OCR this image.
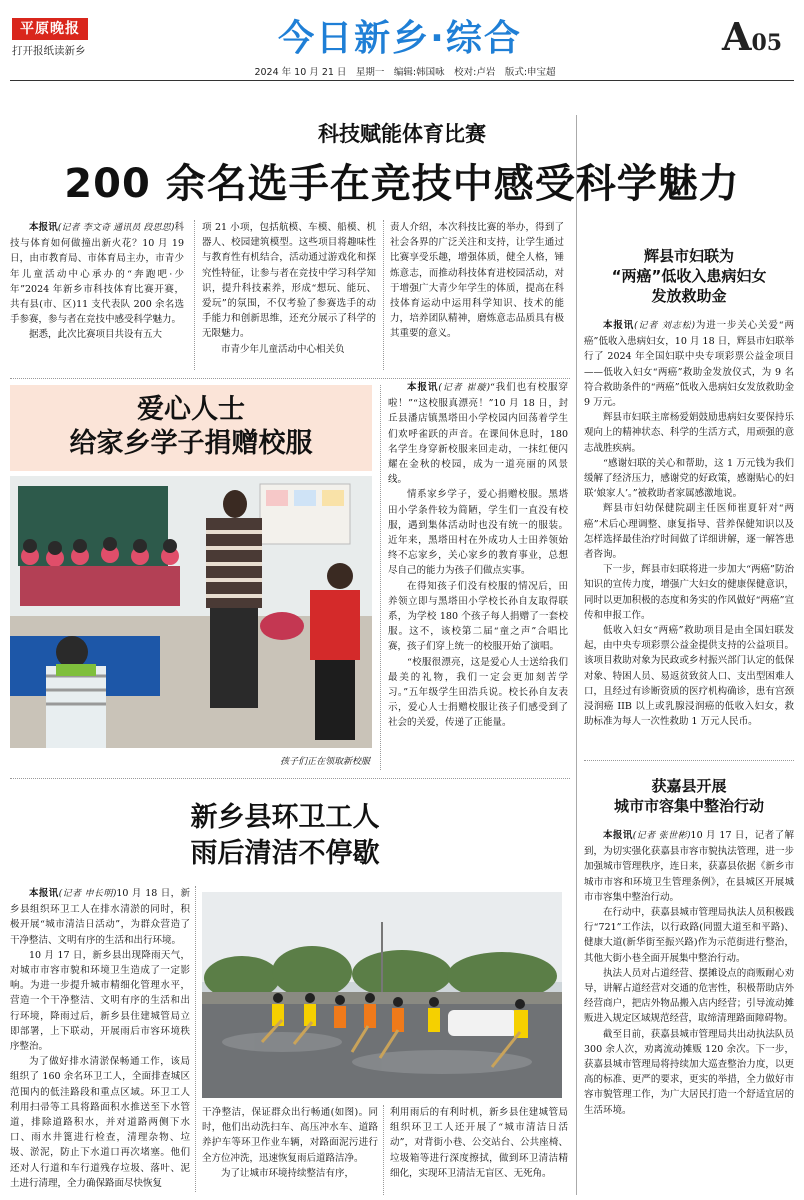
平原晚报
打开报纸读新乡	今日新乡·综合	A05
2024 年 10 月 21 日　星期一　编辑:韩国咏　校对:卢岩　版式:申宝超
科技赋能体育比赛
200 余名选手在竞技中感受科学魅力

本报讯(记者 李文奇 通讯员 段思思)科技与体育如何做撞出新火花？10 月 19 日，由市教育局、市体育局主办，市青少年儿童活动中心承办的“奔跑吧·少年”2024 年新乡市科技体育比赛开赛，共有县(市、区)11 支代表队 200 余名选手参赛，参与者在竞技中感受科学魅力。

据悉，此次比赛项目共设有五大

项 21 小项，包括航模、车模、船模、机器人、校园建筑模型。这些项目将趣味性与教育性有机结合，活动通过游戏化和探究性特征，让参与者在竞技中学习科学知识，提升科技素养，形成“想玩、能玩、爱玩”的氛围，不仅考验了参赛选手的动手能力和创新思维，还充分展示了科学的无限魅力。

市青少年儿童活动中心相关负

责人介绍，本次科技比赛的举办，得到了社会各界的广泛关注和支持，让学生通过比赛享受乐趣，增强体质，健全人格，锤炼意志，而推动科技体育进校园活动，对于增强广大青少年学生的体质，提高在科技体育运动中运用科学知识、技术的能力，培养团队精神，磨炼意志品质具有极其重要的意义。

爱心人士
给家乡学子捐赠校服
孩子们正在领取新校服

本报讯(记者 崔璇)“我们也有校服穿啦！”“这校服真漂亮！”10 月 18 日，封丘县潘店镇黑塔田小学校园内回荡着学生们欢呼雀跃的声音。在课间休息时，180 名学生身穿新校服来回走动，一抹红便闪耀在金秋的校园，成为一道亮丽的风景线。

情系家乡学子，爱心捐赠校服。黑塔田小学条件较为简陋，学生们一直没有校服，遇到集体活动时也没有统一的服装。近年来，黑塔田村在外成功人士田养领始终不忘家乡，关心家乡的教育事业，总想尽自己的能力为孩子们做点实事。

在得知孩子们没有校服的情况后，田养领立即与黑塔田小学校长孙自友取得联系，为学校 180 个孩子每人捐赠了一套校服。这不，该校第二届“童之声”合唱比赛，孩子们穿上统一的校服开始了演唱。

“校服很漂亮，这是爱心人士送给我们最美的礼物，我们一定会更加刻苦学习。”五年级学生田浩兵说。校长孙自友表示，爱心人士捐赠校服让孩子们感受到了社会的关爱，传递了正能量。

新乡县环卫工人
雨后清洁不停歇

本报讯(记者 申长明)10 月 18 日，新乡县组织环卫工人在排水清淤的同时，积极开展“城市清洁日活动”，为群众营造了干净整洁、文明有序的生活和出行环境。

10 月 17 日，新乡县出现降雨天气，对城市市容市貌和环境卫生造成了一定影响。为进一步提升城市精细化管理水平，营造一个干净整洁、文明有序的生活和出行环境，降雨过后，新乡县住建城管局立即部署，上下联动，开展雨后市容环境秩序整治。

为了做好排水清淤保畅通工作，该局组织了 160 余名环卫工人，全面排查城区范围内的低洼路段和重点区域。环卫工人利用扫帚等工具将路面积水推送至下水管道，排除道路积水，并对道路两侧下水口、雨水井篦进行检查，清理杂物、垃圾、淤泥，防止下水道口再次堵塞。他们还对人行道和车行道残存垃圾、落叶、泥土进行清理，全力确保路面尽快恢复

干净整洁，保证群众出行畅通(如图)。同时，他们出动洗扫车、高压冲水车、道路养护车等环卫作业车辆，对路面泥污进行全方位冲洗，迅速恢复雨后道路洁净。

为了让城市环境持续整洁有序，

利用雨后的有利时机，新乡县住建城管局组织环卫工人还开展了“城市清洁日活动”，对背街小巷、公交站台、公共座椅、垃圾箱等进行深度擦拭，做到环卫清洁精细化，实现环卫清洁无盲区、无死角。

辉县市妇联为
“两癌”低收入患病妇女
发放救助金

本报讯(记者 刘志松)为进一步关心关爱“两癌”低收入患病妇女，10 月 18 日，辉县市妇联举行了 2024 年全国妇联中央专项彩票公益金项目——低收入妇女“两癌”救助金发放仪式，为 9 名符合救助条件的“两癌”低收入患病妇女发放救助金 9 万元。

辉县市妇联主席杨爱娟鼓励患病妇女要保持乐观向上的精神状态、科学的生活方式，用顽强的意志战胜疾病。

“感谢妇联的关心和帮助，这 1 万元钱为我们缓解了经济压力，感谢党的好政策，感谢贴心的妇联‘娘家人’。”被救助者家属感激地说。

辉县市妇幼保健院副主任医师崔夏轩对“两癌”术后心理调整、康复指导、营养保健知识以及怎样选择最佳治疗时间做了详细讲解，逐一解答患者咨询。

下一步，辉县市妇联将进一步加大“两癌”防治知识的宣传力度，增强广大妇女的健康保健意识，同时以更加积极的态度和务实的作风做好“两癌”宣传和申报工作。

低收入妇女“两癌”救助项目是由全国妇联发起，由中央专项彩票公益金提供支持的公益项目。该项目救助对象为民政或乡村振兴部门认定的低保对象、特困人员、易返贫致贫人口、支出型困难人口，且经过有诊断资质的医疗机构确诊，患有宫颈浸润癌 IIB 以上或乳腺浸润癌的低收入妇女，救助标准为每人一次性救助 1 万元人民币。

获嘉县开展
城市市容集中整治行动

本报讯(记者 张世彬)10 月 17 日，记者了解到，为切实强化获嘉县市容市貌执法管理，进一步加强城市管理秩序，连日来，获嘉县依据《新乡市城市市容和环境卫生管理条例》，在县城区开展城市市容集中整治行动。

在行动中，获嘉县城市管理局执法人员积极践行“721”工作法，以行政路(同盟大道至和平路)、健康大道(新华街至振兴路)作为示范街进行整治，其他大街小巷全面开展集中整治行动。

执法人员对占道经营、摆摊设点的商贩耐心劝导，讲解占道经营对交通的危害性，积极帮助店外经营商户，把店外物品搬入店内经营；引导流动摊贩进入规定区域规范经营，取缔清理路面障碍物。

截至目前，获嘉县城市管理局共出动执法队员 300 余人次，劝离流动摊贩 120 余次。下一步，获嘉县城市管理局将持续加大巡查整治力度，以更高的标准、更严的要求，更实的举措，全力做好市容市貌管理工作，为广大居民打造一个舒适宜居的生活环境。
